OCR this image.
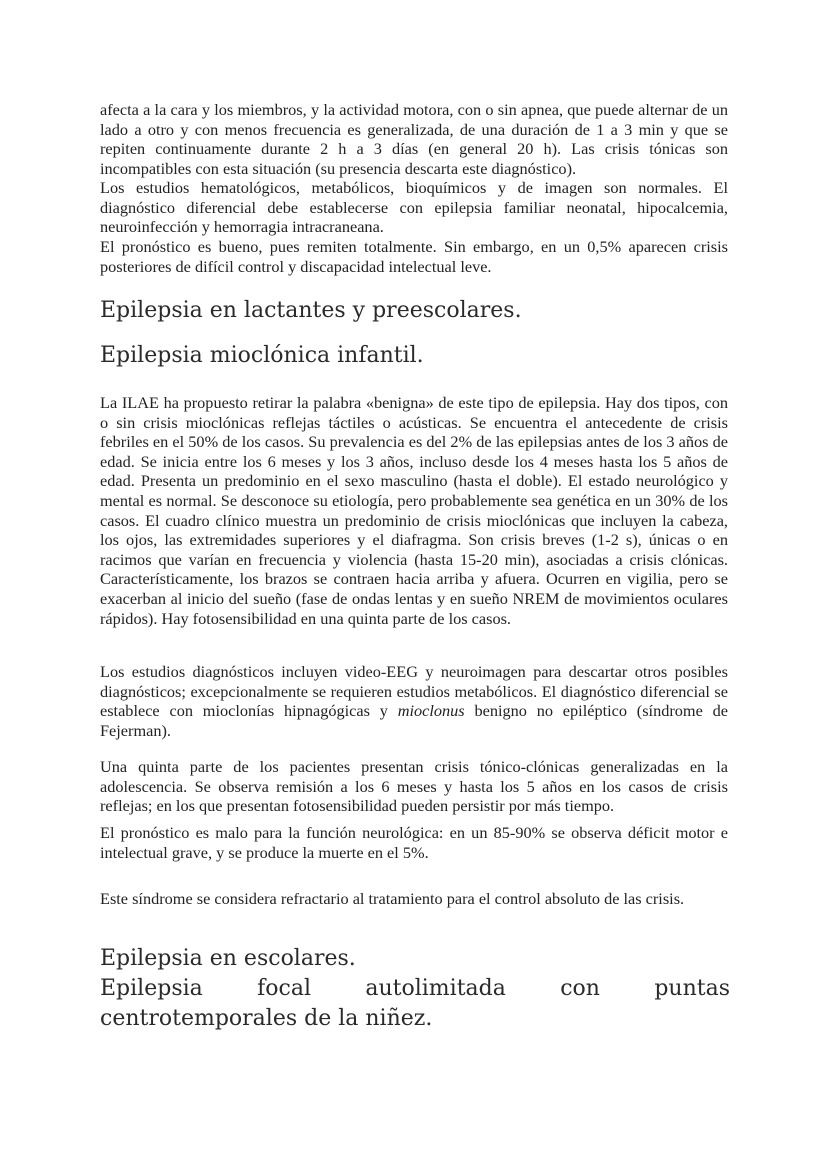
afecta a la cara y los miembros, y la actividad motora, con o sin apnea, que puede alternar de un lado a otro y con menos frecuencia es generalizada, de una duración de 1 a 3 min y que se repiten continuamente durante 2 h a 3 días (en general 20 h). Las crisis tónicas son incompatibles con esta situación (su presencia descarta este diagnóstico).

Los estudios hematológicos, metabólicos, bioquímicos y de imagen son normales. El diagnóstico diferencial debe establecerse con epilepsia familiar neonatal, hipocalcemia, neuroinfección y hemorragia intracraneana.

El pronóstico es bueno, pues remiten totalmente. Sin embargo, en un 0,5% aparecen crisis posteriores de difícil control y discapacidad intelectual leve.

Epilepsia en lactantes y preescolares.
Epilepsia mioclónica infantil.

La ILAE ha propuesto retirar la palabra «benigna» de este tipo de epilepsia. Hay dos tipos, con o sin crisis mioclónicas reflejas táctiles o acústicas. Se encuentra el antecedente de crisis febriles en el 50% de los casos. Su prevalencia es del 2% de las epilepsias antes de los 3 años de edad. Se inicia entre los 6 meses y los 3 años, incluso desde los 4 meses hasta los 5 años de edad. Presenta un predominio en el sexo masculino (hasta el doble). El estado neurológico y mental es normal. Se desconoce su etiología, pero probablemente sea genética en un 30% de los casos. El cuadro clínico muestra un predominio de crisis mioclónicas que incluyen la cabeza, los ojos, las extremidades superiores y el diafragma. Son crisis breves (1-2 s), únicas o en racimos que varían en frecuencia y violencia (hasta 15-20 min), asociadas a crisis clónicas. Característicamente, los brazos se contraen hacia arriba y afuera. Ocurren en vigilia, pero se exacerban al inicio del sueño (fase de ondas lentas y en sueño NREM de movimientos oculares rápidos). Hay fotosensibilidad en una quinta parte de los casos.

Los estudios diagnósticos incluyen video-EEG y neuroimagen para descartar otros posibles diagnósticos; excepcionalmente se requieren estudios metabólicos. El diagnóstico diferencial se establece con mioclonías hipnagógicas y mioclonus benigno no epiléptico (síndrome de Fejerman).

Una quinta parte de los pacientes presentan crisis tónico-clónicas generalizadas en la adolescencia. Se observa remisión a los 6 meses y hasta los 5 años en los casos de crisis reflejas; en los que presentan fotosensibilidad pueden persistir por más tiempo.

El pronóstico es malo para la función neurológica: en un 85-90% se observa déficit motor e intelectual grave, y se produce la muerte en el 5%.

Este síndrome se considera refractario al tratamiento para el control absoluto de las crisis.

Epilepsia en escolares.
Epilepsia focal autolimitada con puntas centrotemporales de la niñez.
